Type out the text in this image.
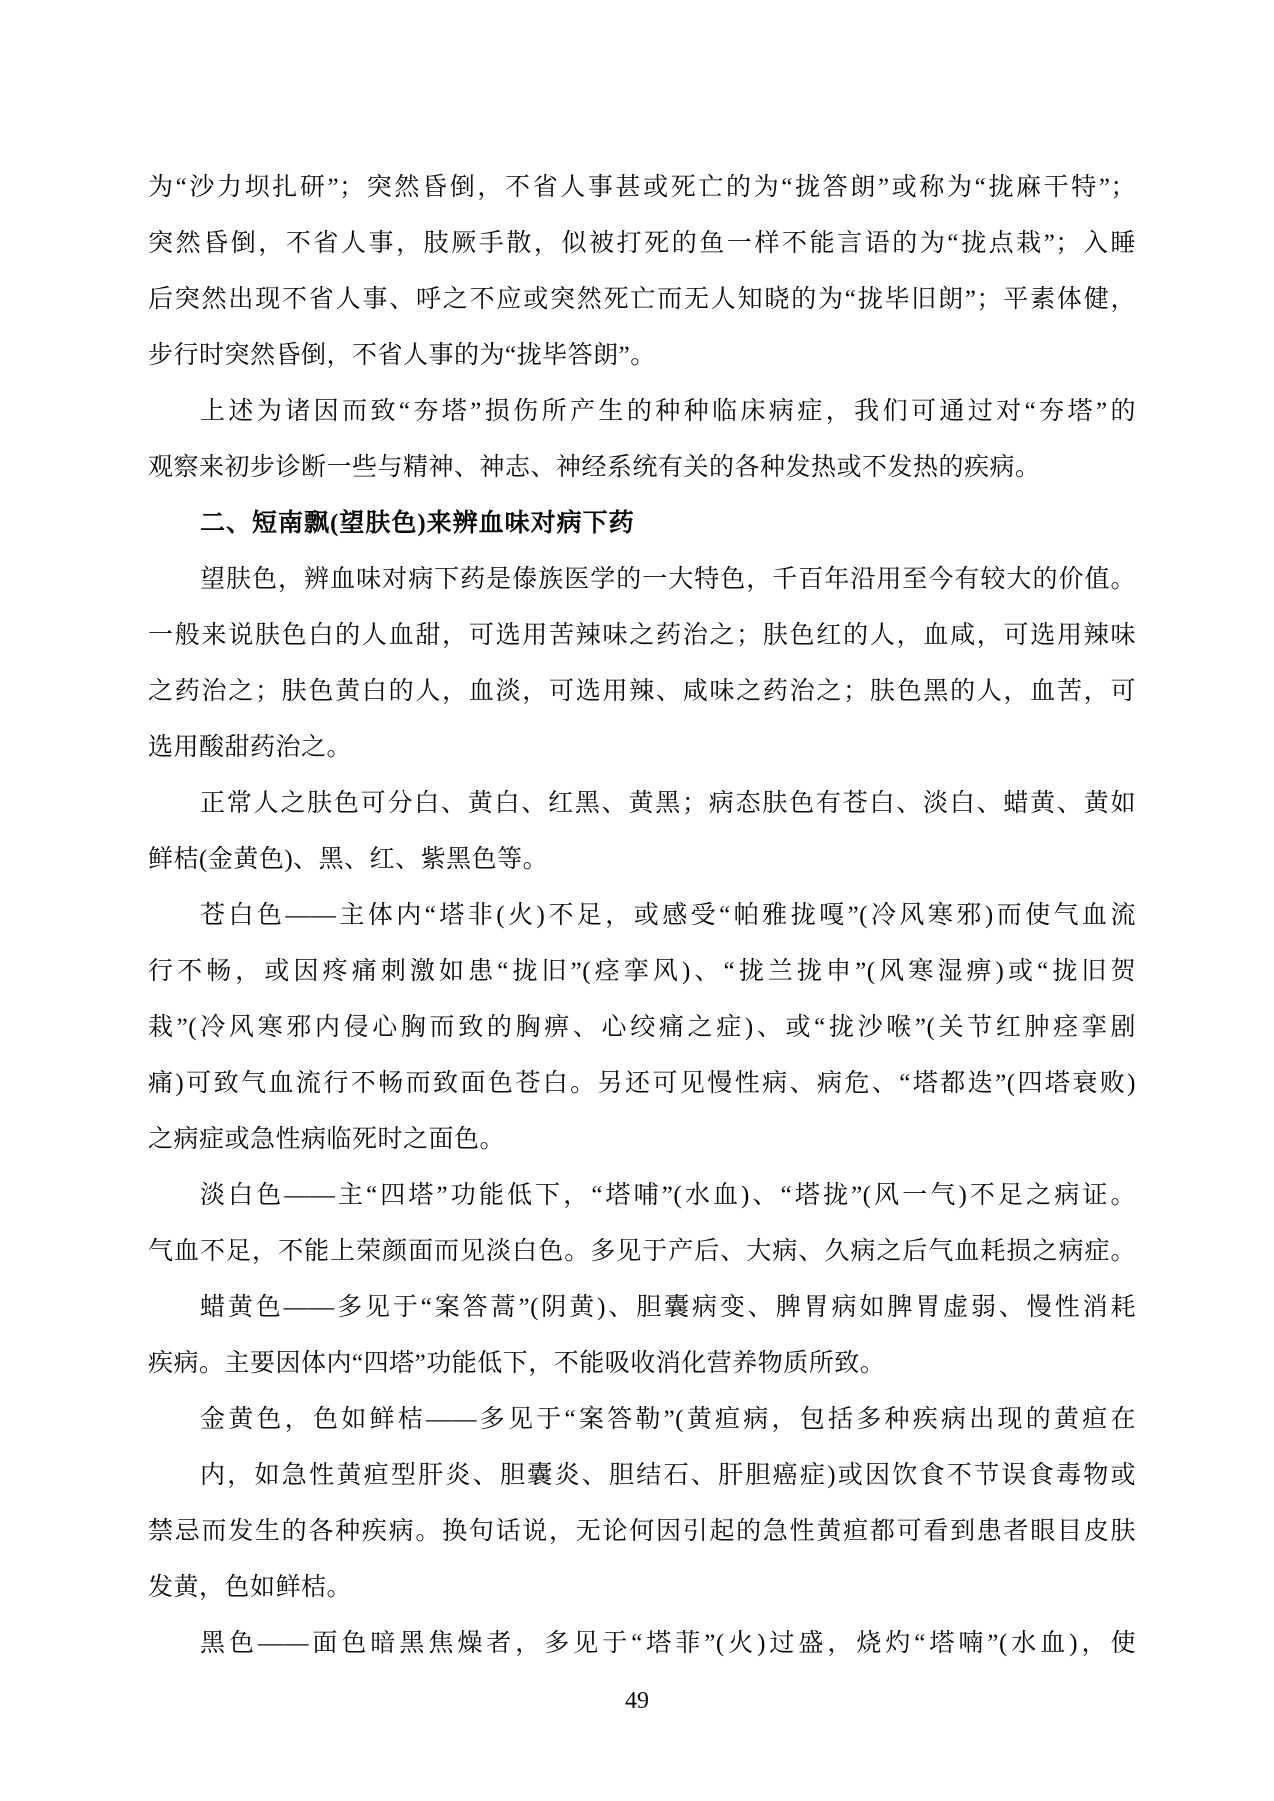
为“沙力坝扎研”；突然昏倒，不省人事甚或死亡的为“拢答朗”或称为“拢麻干特”；
突然昏倒，不省人事，肢厥手散，似被打死的鱼一样不能言语的为“拢点栽”；入睡
后突然出现不省人事、呼之不应或突然死亡而无人知晓的为“拢毕旧朗”；平素体健，
步行时突然昏倒，不省人事的为“拢毕答朗”。
上述为诸因而致“夯塔”损伤所产生的种种临床病症，我们可通过对“夯塔”的
观察来初步诊断一些与精神、神志、神经系统有关的各种发热或不发热的疾病。
二、短南飘(望肤色)来辨血味对病下药
望肤色，辨血味对病下药是傣族医学的一大特色，千百年沿用至今有较大的价值。
一般来说肤色白的人血甜，可选用苦辣味之药治之；肤色红的人，血咸，可选用辣味
之药治之；肤色黄白的人，血淡，可选用辣、咸味之药治之；肤色黑的人，血苦，可
选用酸甜药治之。
正常人之肤色可分白、黄白、红黑、黄黑；病态肤色有苍白、淡白、蜡黄、黄如
鲜桔(金黄色)、黑、红、紫黑色等。
苍白色——主体内“塔非(火)不足，或感受“帕雅拢嘎”(冷风寒邪)而使气血流
行不畅，或因疼痛刺激如患“拢旧”(痉挛风)、“拢兰拢申”(风寒湿痹)或“拢旧贺
栽”(冷风寒邪内侵心胸而致的胸痹、心绞痛之症)、或“拢沙喉”(关节红肿痉挛剧
痛)可致气血流行不畅而致面色苍白。另还可见慢性病、病危、“塔都迭”(四塔衰败)
之病症或急性病临死时之面色。
淡白色——主“四塔”功能低下，“塔哺”(水血)、“塔拢”(风一气)不足之病证。
气血不足，不能上荣颜面而见淡白色。多见于产后、大病、久病之后气血耗损之病症。
蜡黄色——多见于“案答蒿”(阴黄)、胆囊病变、脾胃病如脾胃虚弱、慢性消耗
疾病。主要因体内“四塔”功能低下，不能吸收消化营养物质所致。
金黄色，色如鲜桔——多见于“案答勒”(黄疸病，包括多种疾病出现的黄疸在
内，如急性黄疸型肝炎、胆囊炎、胆结石、肝胆癌症)或因饮食不节误食毒物或
禁忌而发生的各种疾病。换句话说，无论何因引起的急性黄疸都可看到患者眼目皮肤
发黄，色如鲜桔。
黑色——面色暗黑焦燥者，多见于“塔菲”(火)过盛，烧灼“塔喃”(水血)，使
49
